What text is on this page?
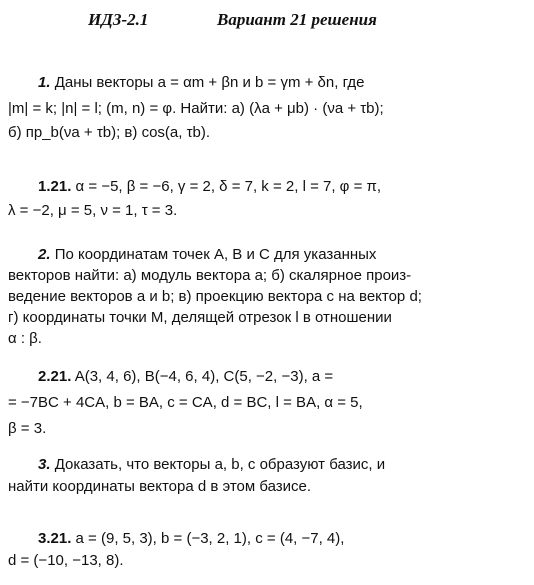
ИДЗ-2.1	Вариант 21 решения
1. Даны векторы a = αm + βn и b = γm + δn, где
|m| = k; |n| = l; (m, n) = φ. Найти: а) (λa + μb) · (νa + τb);
б) пр_b(νa + τb); в) cos(a, τb).
1.21. α = −5, β = −6, γ = 2, δ = 7, k = 2, l = 7, φ = π,
λ = −2, μ = 5, ν = 1, τ = 3.
2. По координатам точек A, B и C для указанных
векторов найти: а) модуль вектора a; б) скалярное произ-
ведение векторов a и b; в) проекцию вектора c на вектор d;
г) координаты точки M, делящей отрезок l в отношении
α : β.
2.21. A(3, 4, 6), B(−4, 6, 4), C(5, −2, −3), a =
= −7BC + 4CA, b = BA, c = CA, d = BC, l = BA, α = 5,
β = 3.
3. Доказать, что векторы a, b, c образуют базис, и
найти координаты вектора d в этом базисе.
3.21. a = (9, 5, 3), b = (−3, 2, 1), c = (4, −7, 4),
d = (−10, −13, 8).
